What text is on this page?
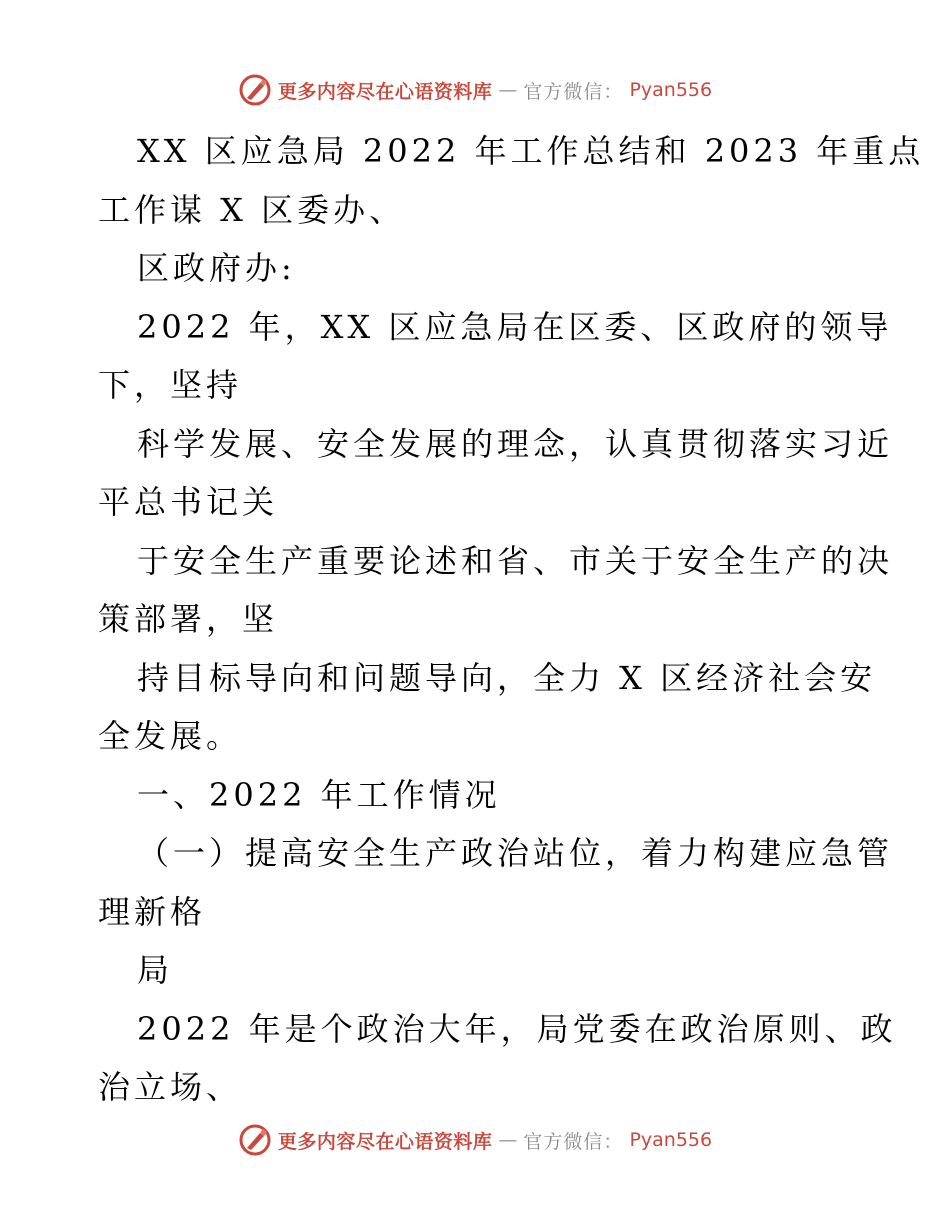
更多内容尽在心语资料库 — 官方微信： Pyan556
XX 区应急局 2022 年工作总结和 2023 年重点
工作谋 X 区委办、
区政府办:
2022 年，XX 区应急局在区委、区政府的领导
下，坚持
科学发展、安全发展的理念，认真贯彻落实习近
平总书记关
于安全生产重要论述和省、市关于安全生产的决
策部署，坚
持目标导向和问题导向，全力 X 区经济社会安
全发展。
一、2022 年工作情况
（一）提高安全生产政治站位，着力构建应急管
理新格
局
2022 年是个政治大年，局党委在政治原则、政
治立场、
更多内容尽在心语资料库 — 官方微信： Pyan556
